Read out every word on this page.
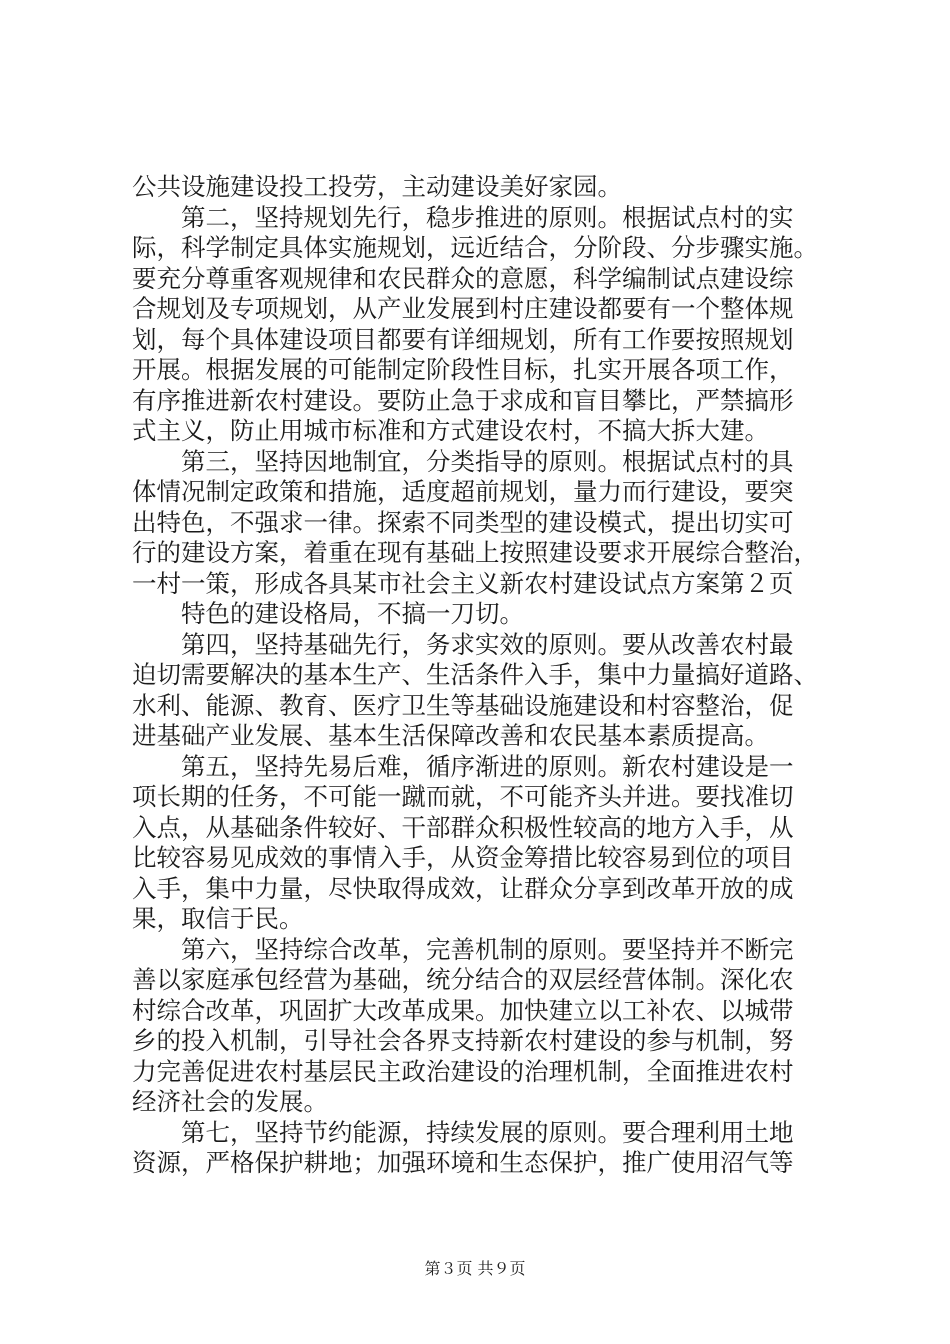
公共设施建设投工投劳，主动建设美好家园。
第二，坚持规划先行，稳步推进的原则。根据试点村的实
际，科学制定具体实施规划，远近结合，分阶段、分步骤实施。
要充分尊重客观规律和农民群众的意愿，科学编制试点建设综
合规划及专项规划，从产业发展到村庄建设都要有一个整体规
划，每个具体建设项目都要有详细规划，所有工作要按照规划
开展。根据发展的可能制定阶段性目标，扎实开展各项工作，
有序推进新农村建设。要防止急于求成和盲目攀比，严禁搞形
式主义，防止用城市标准和方式建设农村，不搞大拆大建。
第三，坚持因地制宜，分类指导的原则。根据试点村的具
体情况制定政策和措施，适度超前规划，量力而行建设，要突
出特色，不强求一律。探索不同类型的建设模式，提出切实可
行的建设方案，着重在现有基础上按照建设要求开展综合整治，
一村一策，形成各具某市社会主义新农村建设试点方案第２页
特色的建设格局，不搞一刀切。
第四，坚持基础先行，务求实效的原则。要从改善农村最
迫切需要解决的基本生产、生活条件入手，集中力量搞好道路、
水利、能源、教育、医疗卫生等基础设施建设和村容整治，促
进基础产业发展、基本生活保障改善和农民基本素质提高。
第五，坚持先易后难，循序渐进的原则。新农村建设是一
项长期的任务，不可能一蹴而就，不可能齐头并进。要找准切
入点，从基础条件较好、干部群众积极性较高的地方入手，从
比较容易见成效的事情入手，从资金筹措比较容易到位的项目
入手，集中力量，尽快取得成效，让群众分享到改革开放的成
果，取信于民。
第六，坚持综合改革，完善机制的原则。要坚持并不断完
善以家庭承包经营为基础，统分结合的双层经营体制。深化农
村综合改革，巩固扩大改革成果。加快建立以工补农、以城带
乡的投入机制，引导社会各界支持新农村建设的参与机制，努
力完善促进农村基层民主政治建设的治理机制，全面推进农村
经济社会的发展。
第七，坚持节约能源，持续发展的原则。要合理利用土地
资源，严格保护耕地；加强环境和生态保护，推广使用沼气等
第３页 共９页
